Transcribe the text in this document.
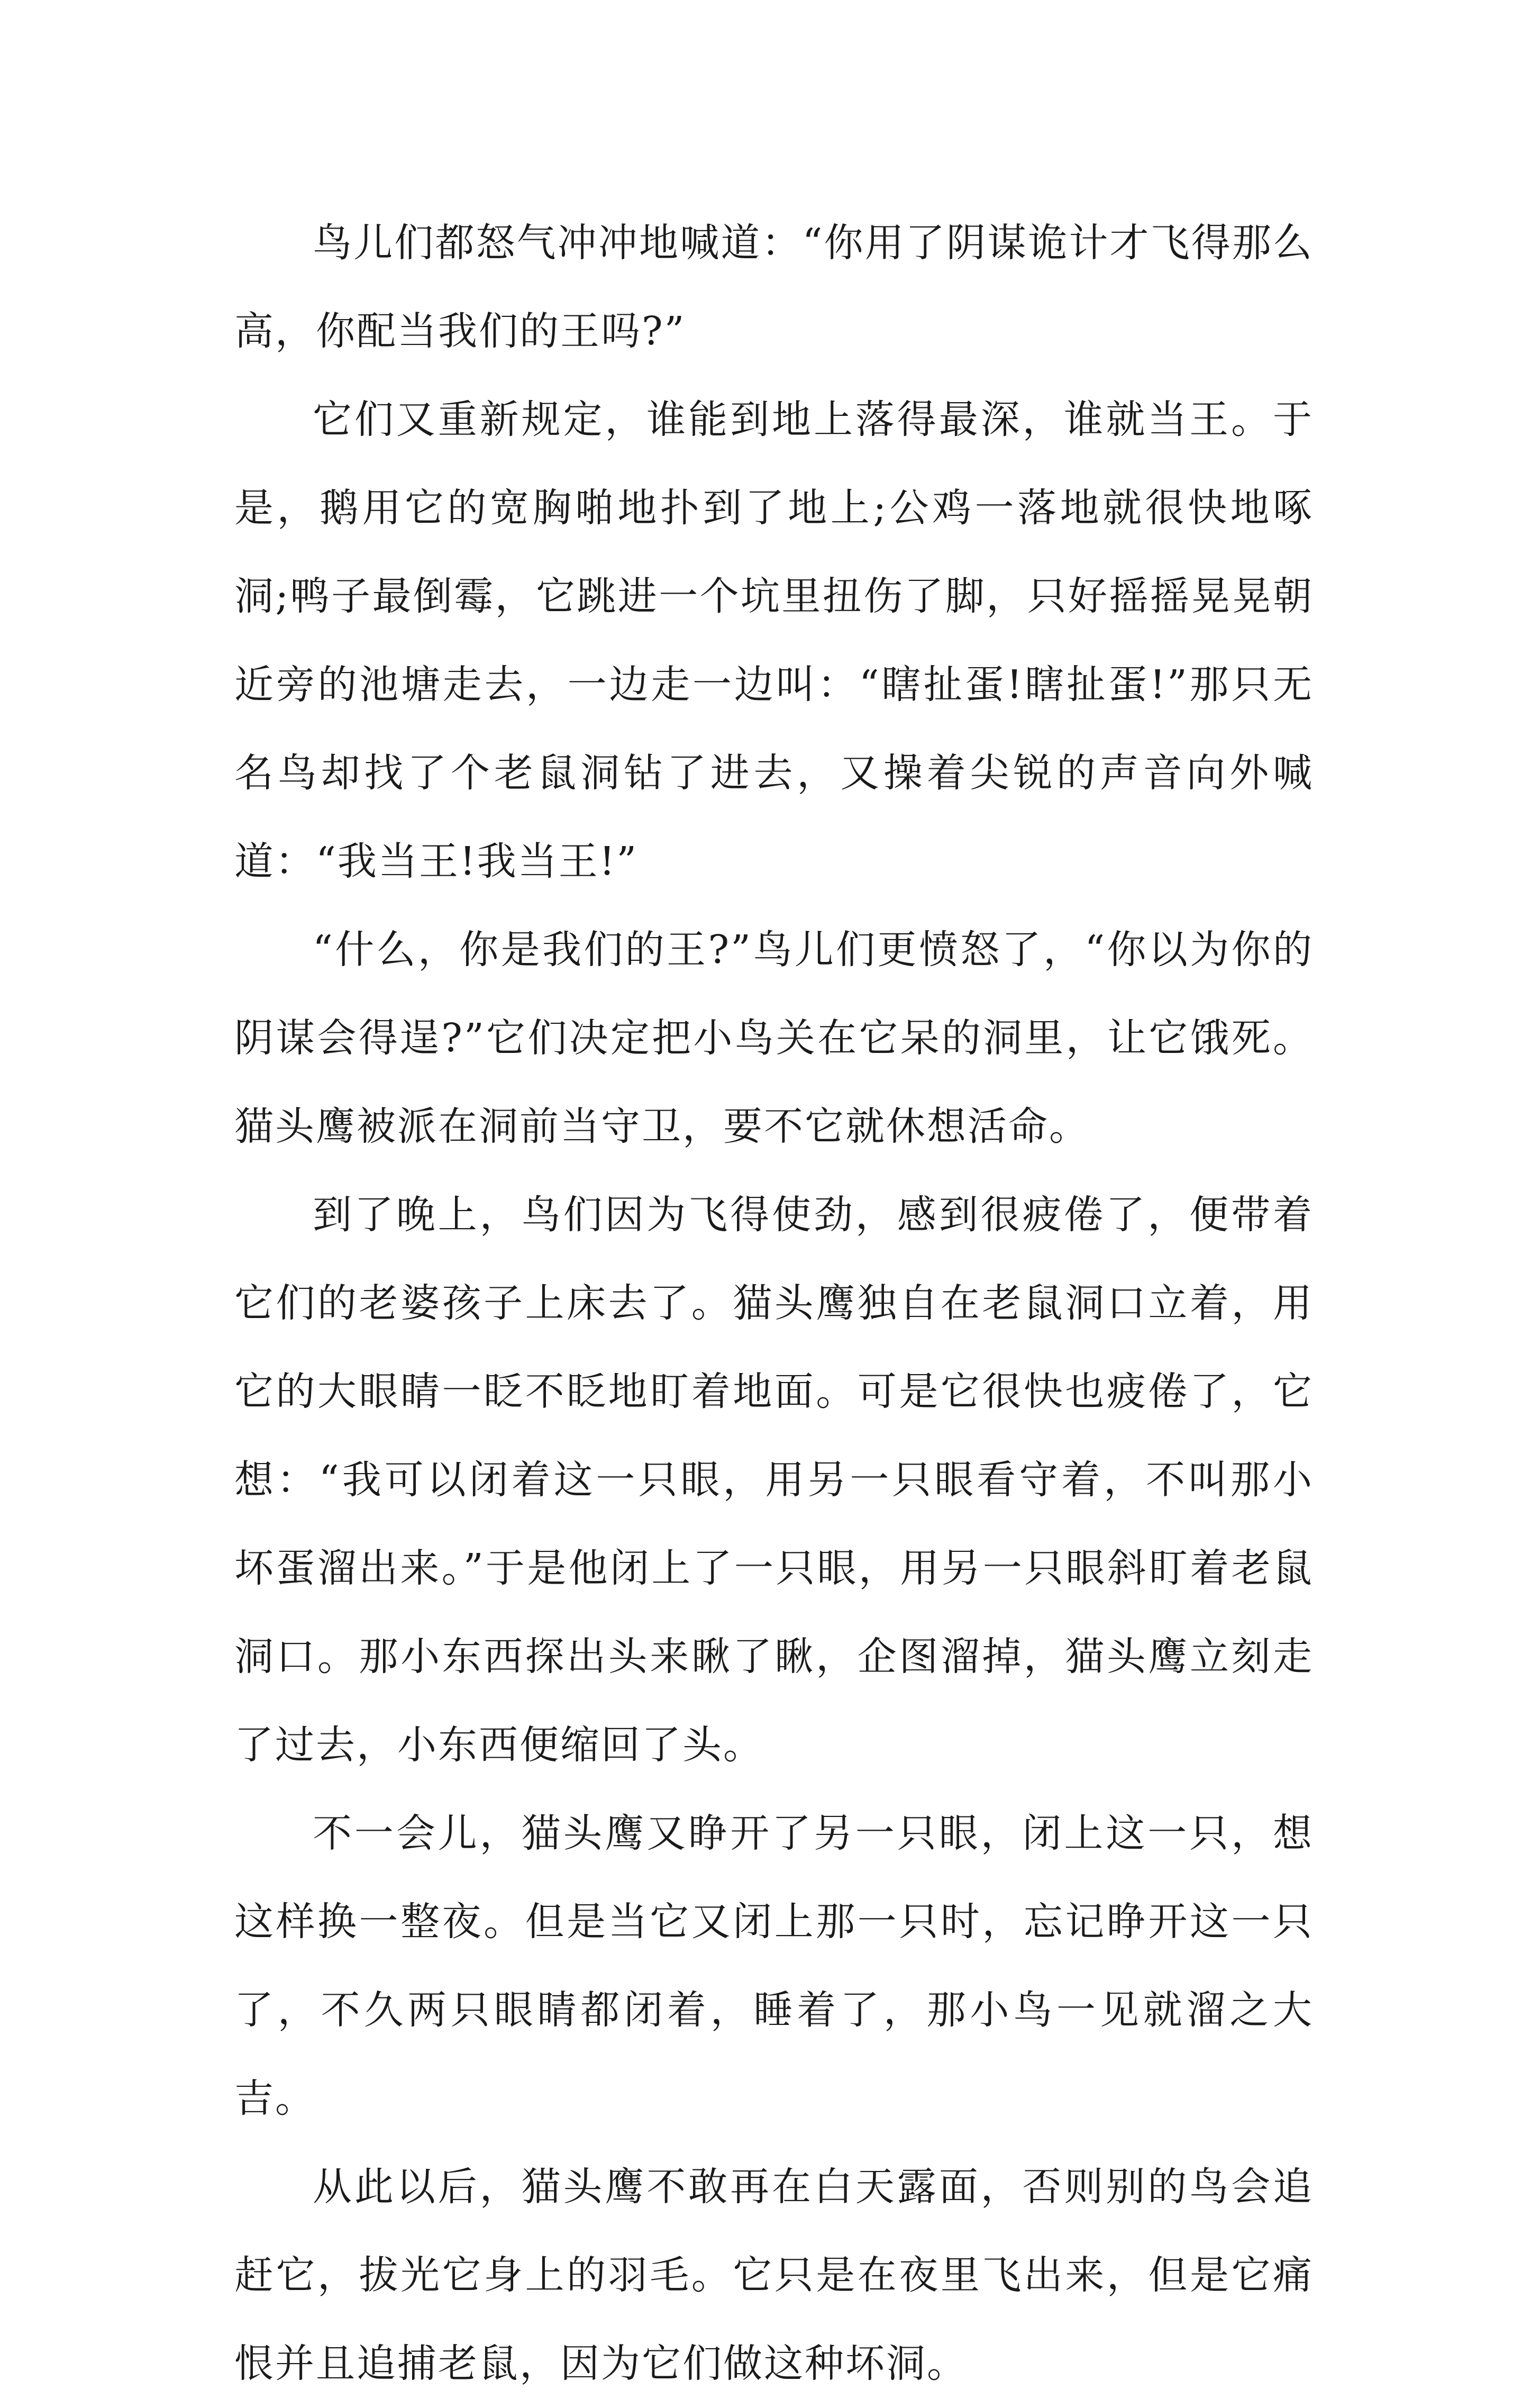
鸟儿们都怒气冲冲地喊道：“你用了阴谋诡计才飞得那么高，你配当我们的王吗?”

它们又重新规定，谁能到地上落得最深，谁就当王。于是，鹅用它的宽胸啪地扑到了地上;公鸡一落地就很快地啄洞;鸭子最倒霉，它跳进一个坑里扭伤了脚，只好摇摇晃晃朝近旁的池塘走去，一边走一边叫：“瞎扯蛋!瞎扯蛋!”那只无名鸟却找了个老鼠洞钻了进去，又操着尖锐的声音向外喊道：“我当王!我当王!”

“什么，你是我们的王?”鸟儿们更愤怒了，“你以为你的阴谋会得逞?”它们决定把小鸟关在它呆的洞里，让它饿死。猫头鹰被派在洞前当守卫，要不它就休想活命。

到了晚上，鸟们因为飞得使劲，感到很疲倦了，便带着它们的老婆孩子上床去了。猫头鹰独自在老鼠洞口立着，用它的大眼睛一眨不眨地盯着地面。可是它很快也疲倦了，它想：“我可以闭着这一只眼，用另一只眼看守着，不叫那小坏蛋溜出来。”于是他闭上了一只眼，用另一只眼斜盯着老鼠洞口。那小东西探出头来瞅了瞅，企图溜掉，猫头鹰立刻走了过去，小东西便缩回了头。

不一会儿，猫头鹰又睁开了另一只眼，闭上这一只，想这样换一整夜。但是当它又闭上那一只时，忘记睁开这一只了，不久两只眼睛都闭着，睡着了，那小鸟一见就溜之大吉。

从此以后，猫头鹰不敢再在白天露面，否则别的鸟会追赶它，拔光它身上的羽毛。它只是在夜里飞出来，但是它痛恨并且追捕老鼠，因为它们做这种坏洞。
